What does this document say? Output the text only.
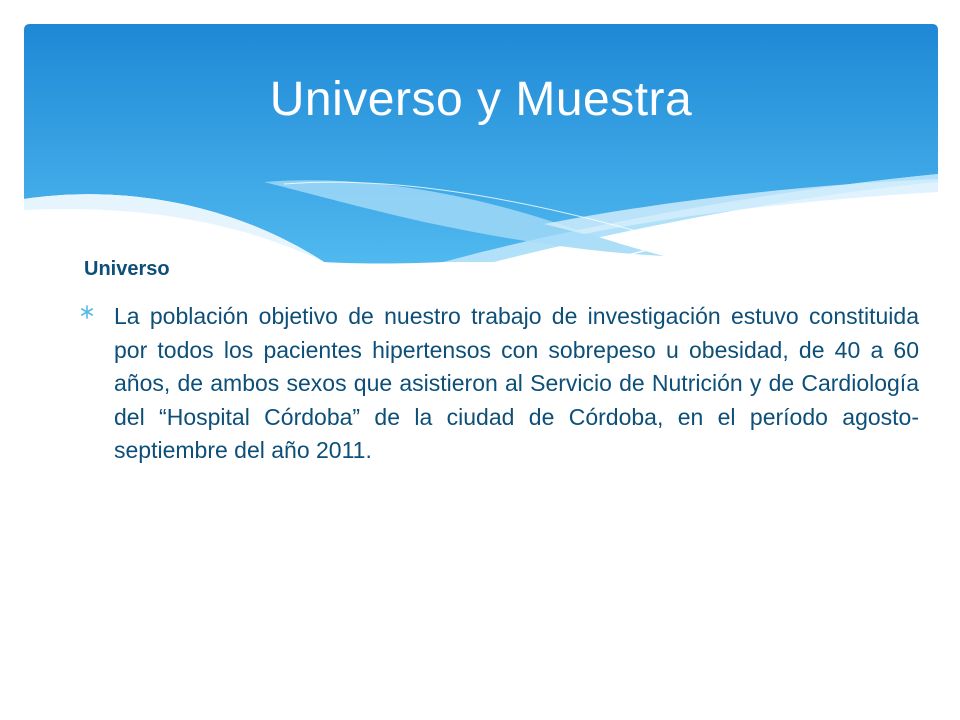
Universo y Muestra
Universo
La población objetivo de nuestro trabajo de investigación estuvo constituida por todos los pacientes hipertensos con sobrepeso u obesidad, de 40 a 60 años, de ambos sexos que asistieron al Servicio de Nutrición y de Cardiología del “Hospital Córdoba” de la ciudad de Córdoba, en el período agosto- septiembre del año 2011.
